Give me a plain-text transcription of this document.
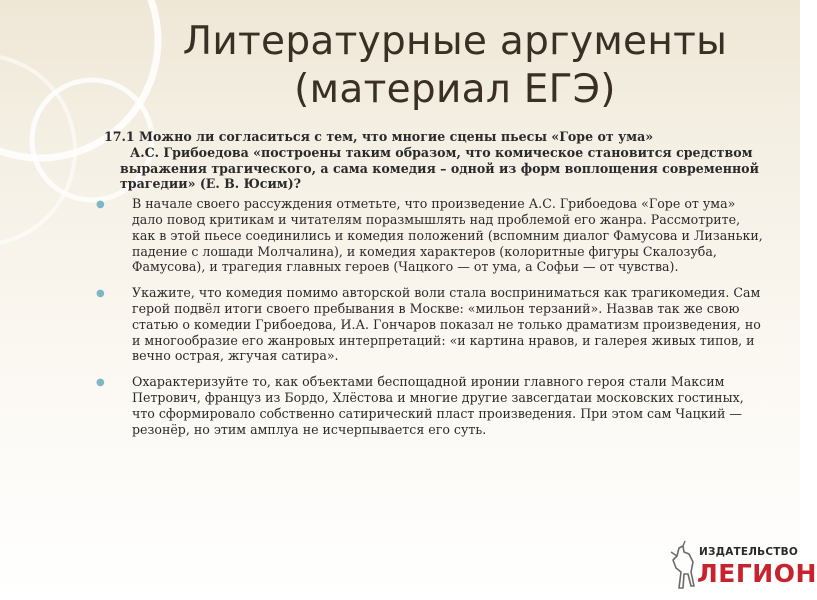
Литературные аргументы
(материал ЕГЭ)
17.1 Можно ли согласиться с тем, что многие сцены пьесы «Горе от ума»
А.С. Грибоедова «построены таким образом, что комическое становится средством выражения трагического, а сама комедия – одной из форм воплощения современной трагедии» (Е. В. Юсим)?
В начале своего рассуждения отметьте, что произведение А.С. Грибоедова «Горе от ума» дало повод критикам и читателям поразмышлять над проблемой его жанра. Рассмотрите, как в этой пьесе соединились и комедия положений (вспомним диалог Фамусова и Лизаньки, падение с лошади Молчалина), и комедия характеров (колоритные фигуры Скалозуба, Фамусова), и трагедия главных героев (Чацкого — от ума, а Софьи — от чувства).
Укажите, что комедия помимо авторской воли стала восприниматься как трагикомедия. Сам герой подвёл итоги своего пребывания в Москве: «мильон терзаний». Назвав так же свою статью о комедии Грибоедова, И.А. Гончаров показал не только драматизм произведения, но и многообразие его жанровых интерпретаций: «и картина нравов, и галерея живых типов, и вечно острая, жгучая сатира».
Охарактеризуйте то, как объектами беспощадной иронии главного героя стали Максим Петрович, француз из Бордо, Хлёстова и многие другие завсегдатаи московских гостиных, что сформировало собственно сатирический пласт произведения. При этом сам Чацкий — резонёр, но этим амплуа не исчерпывается его суть.
ИЗДАТЕЛЬСТВО
ЛЕГИОН
